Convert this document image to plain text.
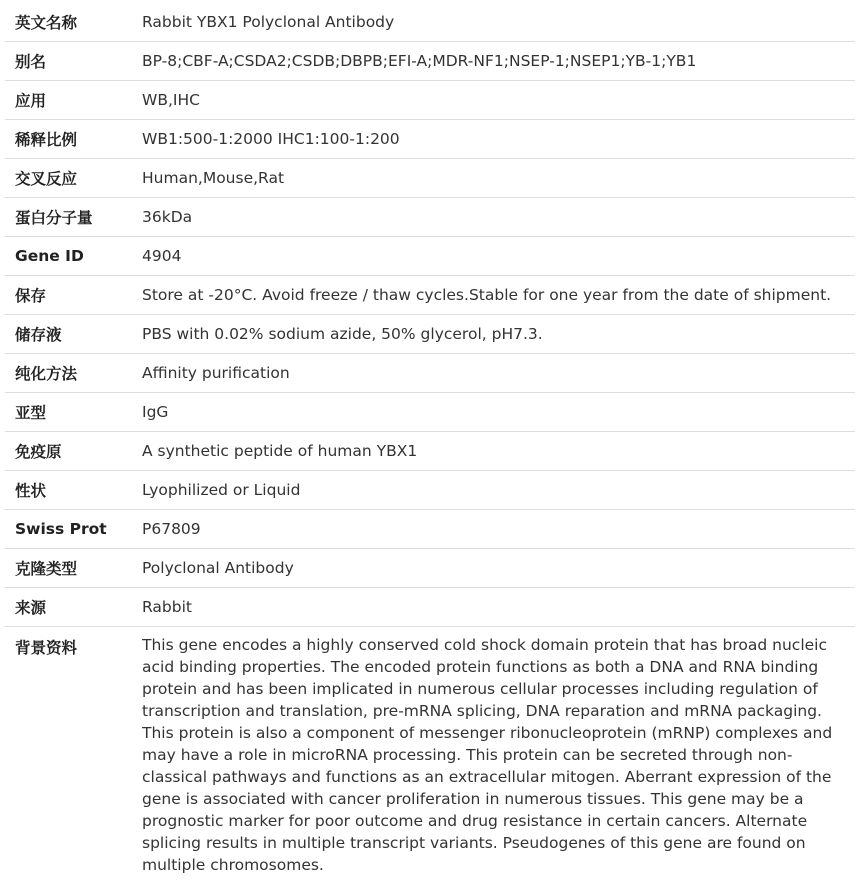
英文名称	Rabbit YBX1 Polyclonal Antibody
别名	BP-8;CBF-A;CSDA2;CSDB;DBPB;EFI-A;MDR-NF1;NSEP-1;NSEP1;YB-1;YB1
应用	WB,IHC
稀释比例	WB1:500-1:2000 IHC1:100-1:200
交叉反应	Human,Mouse,Rat
蛋白分子量	36kDa
Gene ID	4904
保存	Store at -20°C. Avoid freeze / thaw cycles.Stable for one year from the date of shipment.
储存液	PBS with 0.02% sodium azide, 50% glycerol, pH7.3.
纯化方法	Affinity purification
亚型	IgG
免疫原	A synthetic peptide of human YBX1
性状	Lyophilized or Liquid
Swiss Prot	P67809
克隆类型	Polyclonal Antibody
来源	Rabbit
背景资料	This gene encodes a highly conserved cold shock domain protein that has broad nucleic acid binding properties. The encoded protein functions as both a DNA and RNA binding protein and has been implicated in numerous cellular processes including regulation of transcription and translation, pre-mRNA splicing, DNA reparation and mRNA packaging. This protein is also a component of messenger ribonucleoprotein (mRNP) complexes and may have a role in microRNA processing. This protein can be secreted through non-classical pathways and functions as an extracellular mitogen. Aberrant expression of the gene is associated with cancer proliferation in numerous tissues. This gene may be a prognostic marker for poor outcome and drug resistance in certain cancers. Alternate splicing results in multiple transcript variants. Pseudogenes of this gene are found on multiple chromosomes.
